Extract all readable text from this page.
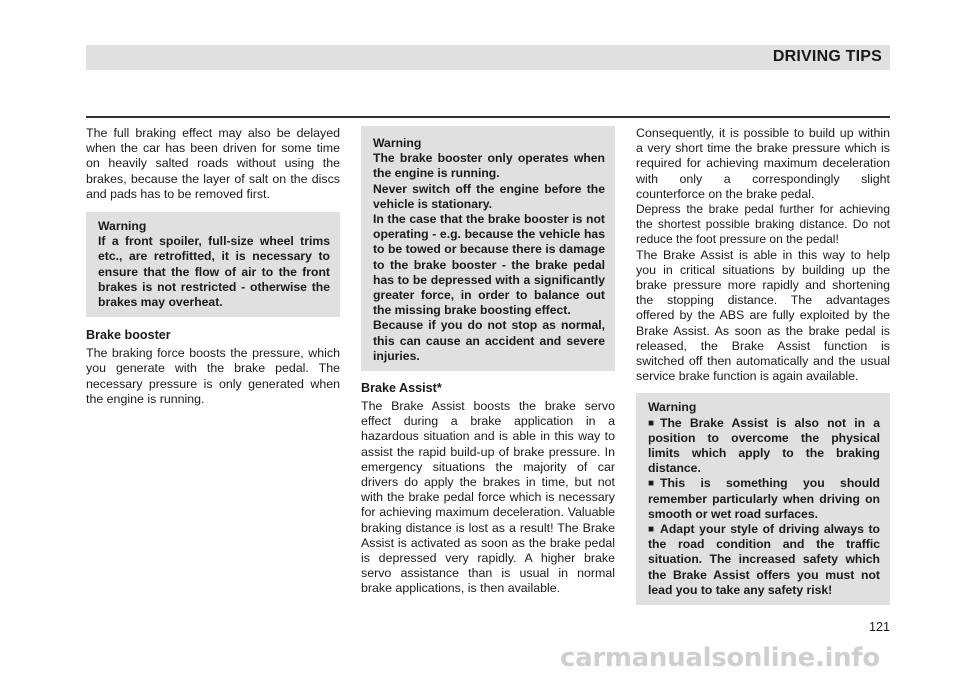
DRIVING TIPS

The full braking effect may also be delayed when the car has been driven for some time on heavily salted roads without using the brakes, because the layer of salt on the discs and pads has to be removed first.

Warning
If a front spoiler, full-size wheel trims etc., are retrofitted, it is necessary to ensure that the flow of air to the front brakes is not restricted - otherwise the brakes may overheat.
Brake booster

The braking force boosts the pressure, which you generate with the brake pedal. The necessary pressure is only generated when the engine is running.

Warning
The brake booster only operates when the engine is running.
Never switch off the engine before the vehicle is stationary.
In the case that the brake booster is not operating - e.g. because the vehicle has to be towed or because there is damage to the brake booster - the brake pedal has to be depressed with a significantly greater force, in order to balance out the missing brake boosting effect.
Because if you do not stop as normal, this can cause an accident and severe injuries.
Brake Assist*

The Brake Assist boosts the brake servo effect during a brake application in a hazardous situation and is able in this way to assist the rapid build-up of brake pressure. In emergency situations the majority of car drivers do apply the brakes in time, but not with the brake pedal force which is necessary for achieving maximum deceleration. Valuable braking distance is lost as a result! The Brake Assist is activated as soon as the brake pedal is depressed very rapidly. A higher brake servo assistance than is usual in normal brake applications, is then available.

Consequently, it is possible to build up within a very short time the brake pressure which is required for achieving maximum deceleration with only a correspondingly slight counterforce on the brake pedal.

Depress the brake pedal further for achieving the shortest possible braking distance. Do not reduce the foot pressure on the pedal!

The Brake Assist is able in this way to help you in critical situations by building up the brake pressure more rapidly and shortening the stopping distance. The advantages offered by the ABS are fully exploited by the Brake Assist. As soon as the brake pedal is released, the Brake Assist function is switched off then automatically and the usual service brake function is again available.

Warning
■ The Brake Assist is also not in a position to overcome the physical limits which apply to the braking distance.
■ This is something you should remember particularly when driving on smooth or wet road surfaces.
■ Adapt your style of driving always to the road condition and the traffic situation. The increased safety which the Brake Assist offers you must not lead you to take any safety risk!
121
carmanualsonline.info
